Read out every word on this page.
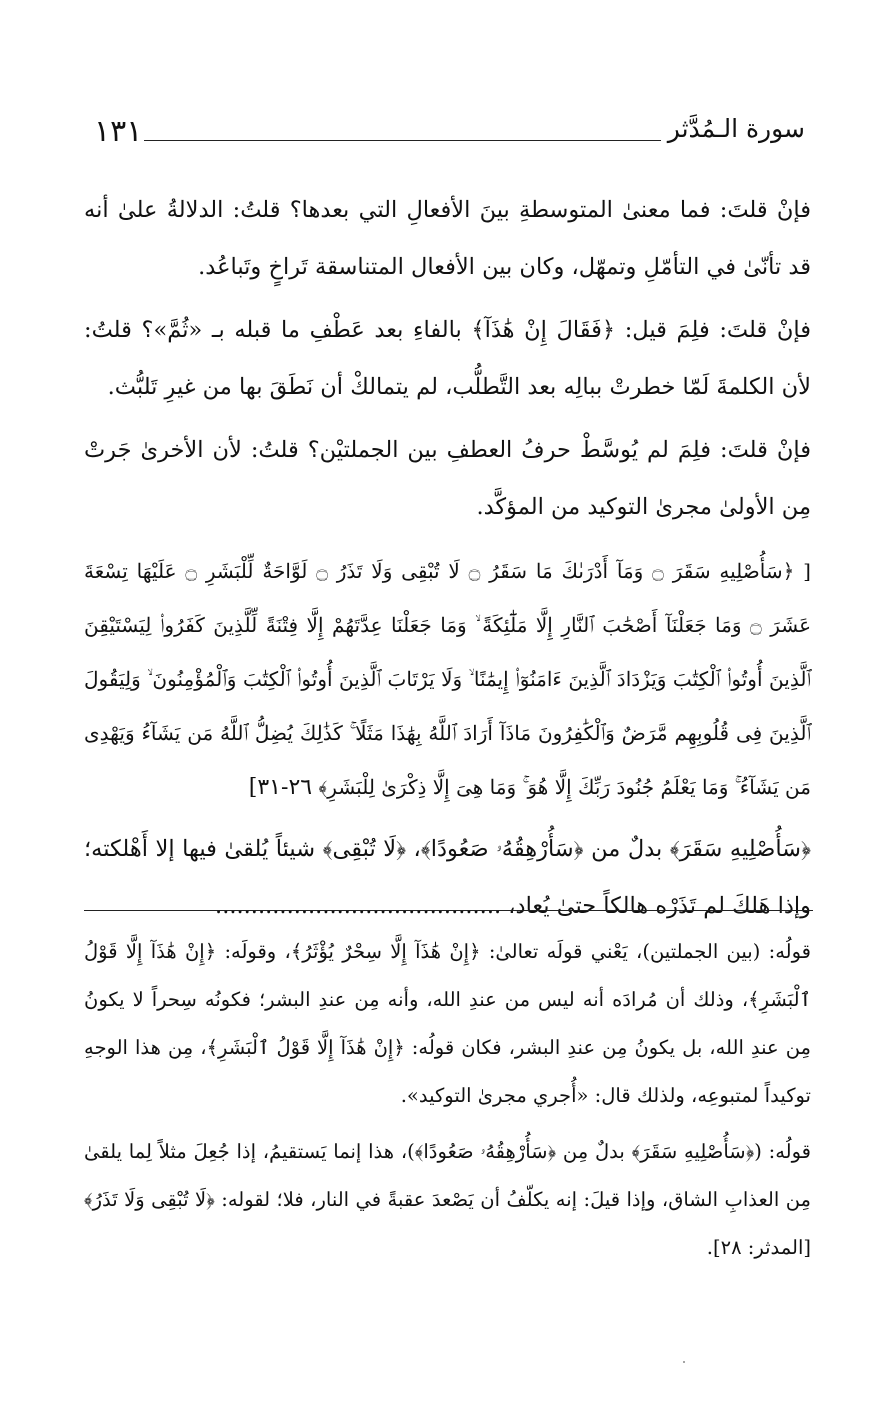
١٣١	سورة الـمُدَّثر

فإنْ قلتَ: فما معنىٰ المتوسطةِ بينَ الأفعالِ التي بعدها؟ قلتُ: الدلالةُ علىٰ أنه قد تأنّىٰ في التأمّلِ وتمهّل، وكان بين الأفعال المتناسقة تَراخٍ وتَباعُد.

فإنْ قلتَ: فلِمَ قيل: ﴿فَقَالَ إِنْ هَٰذَآ﴾ بالفاءِ بعد عَطْفِ ما قبله بـ «ثُمَّ»؟ قلتُ: لأن الكلمةَ لَمّا خطرتْ ببالِه بعد التَّطلُّب، لم يتمالكْ أن نَطَقَ بها من غيرِ تَلبُّث.

فإنْ قلتَ: فلِمَ لم يُوسَّطْ حرفُ العطفِ بين الجملتيْن؟ قلتُ: لأن الأخرىٰ جَرتْ مِن الأولىٰ مجرىٰ التوكيد من المؤكَّد.

[ ﴿سَأُصْلِيهِ سَقَرَ ۝ وَمَآ أَدْرَىٰكَ مَا سَقَرُ ۝ لَا تُبْقِى وَلَا تَذَرُ ۝ لَوَّاحَةٌ لِّلْبَشَرِ ۝ عَلَيْهَا تِسْعَةَ عَشَرَ ۝ وَمَا جَعَلْنَآ أَصْحَٰبَ ٱلنَّارِ إِلَّا مَلَٰٓئِكَةً ۙ وَمَا جَعَلْنَا عِدَّتَهُمْ إِلَّا فِتْنَةً لِّلَّذِينَ كَفَرُوا۟ لِيَسْتَيْقِنَ ٱلَّذِينَ أُوتُوا۟ ٱلْكِتَٰبَ وَيَزْدَادَ ٱلَّذِينَ ءَامَنُوٓا۟ إِيمَٰنًا ۙ وَلَا يَرْتَابَ ٱلَّذِينَ أُوتُوا۟ ٱلْكِتَٰبَ وَٱلْمُؤْمِنُونَ ۙ وَلِيَقُولَ ٱلَّذِينَ فِى قُلُوبِهِم مَّرَضٌ وَٱلْكَٰفِرُونَ مَاذَآ أَرَادَ ٱللَّهُ بِهَٰذَا مَثَلًا ۚ كَذَٰلِكَ يُضِلُّ ٱللَّهُ مَن يَشَآءُ وَيَهْدِى مَن يَشَآءُ ۚ وَمَا يَعْلَمُ جُنُودَ رَبِّكَ إِلَّا هُوَ ۚ وَمَا هِىَ إِلَّا ذِكْرَىٰ لِلْبَشَرِ﴾ ٢٦-٣١]

﴿سَأُصْلِيهِ سَقَرَ﴾ بدلٌ من ﴿سَأُرْهِقُهُۥ صَعُودًا﴾، ﴿لَا تُبْقِى﴾ شيئاً يُلقىٰ فيها إلا أَهْلكته؛ وإذا هَلكَ لم تَذَرْه هالكاً حتىٰ يُعاد، ........................................

قولُه: (بين الجملتين)، يَعْني قولَه تعالىٰ: ﴿إِنْ هَٰذَآ إِلَّا سِحْرٌ يُؤْثَرُ﴾، وقولَه: ﴿إِنْ هَٰذَآ إِلَّا قَوْلُ ٱلْبَشَرِ﴾، وذلك أن مُرادَه أنه ليس من عندِ الله، وأنه مِن عندِ البشر؛ فكونُه سِحراً لا يكونُ مِن عندِ الله، بل يكونُ مِن عندِ البشر، فكان قولُه: ﴿إِنْ هَٰذَآ إِلَّا قَوْلُ ٱلْبَشَرِ﴾، مِن هذا الوجهِ توكيداً لمتبوعِه، ولذلك قال: «أُجري مجرىٰ التوكيد».

قولُه: (﴿سَأُصْلِيهِ سَقَرَ﴾ بدلٌ مِن ﴿سَأُرْهِقُهُۥ صَعُودًا﴾)، هذا إنما يَستقيمُ، إذا جُعِلَ مثلاً لِما يلقىٰ مِن العذابِ الشاق، وإذا قيلَ: إنه يكلّفُ أن يَصْعدَ عقبةً في النار، فلا؛ لقوله: ﴿لَا تُبْقِى وَلَا تَذَرُ﴾ [المدثر: ٢٨].
